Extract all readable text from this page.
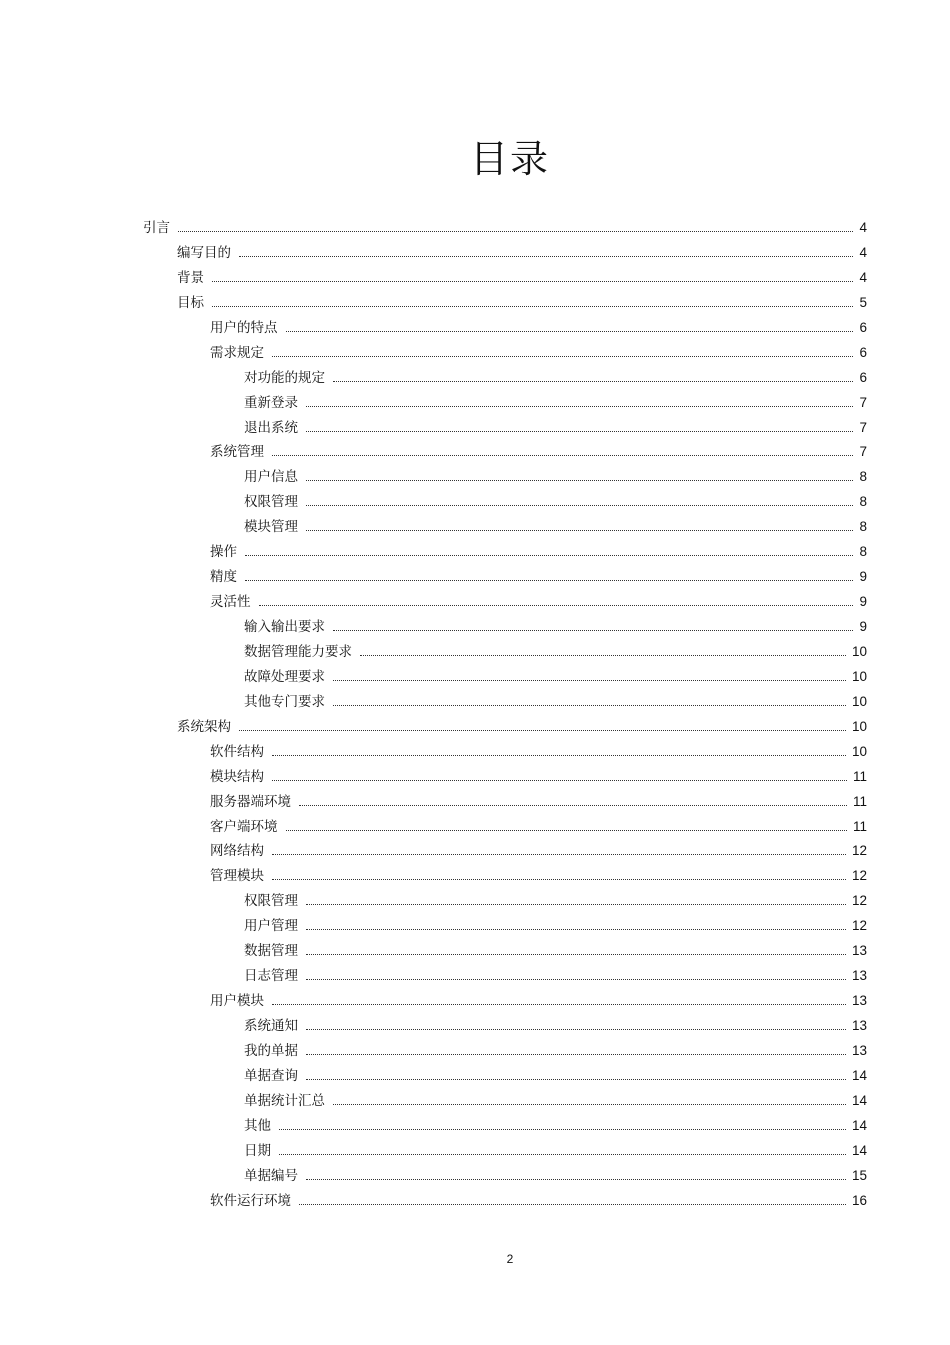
目录
引言	4
编写目的	4
背景	4
目标	5
用户的特点	6
需求规定	6
对功能的规定	6
重新登录	7
退出系统	7
系统管理	7
用户信息	8
权限管理	8
模块管理	8
操作	8
精度	9
灵活性	9
输入输出要求	9
数据管理能力要求	10
故障处理要求	10
其他专门要求	10
系统架构	10
软件结构	10
模块结构	11
服务器端环境	11
客户端环境	11
网络结构	12
管理模块	12
权限管理	12
用户管理	12
数据管理	13
日志管理	13
用户模块	13
系统通知	13
我的单据	13
单据查询	14
单据统计汇总	14
其他	14
日期	14
单据编号	15
软件运行环境	16
2
